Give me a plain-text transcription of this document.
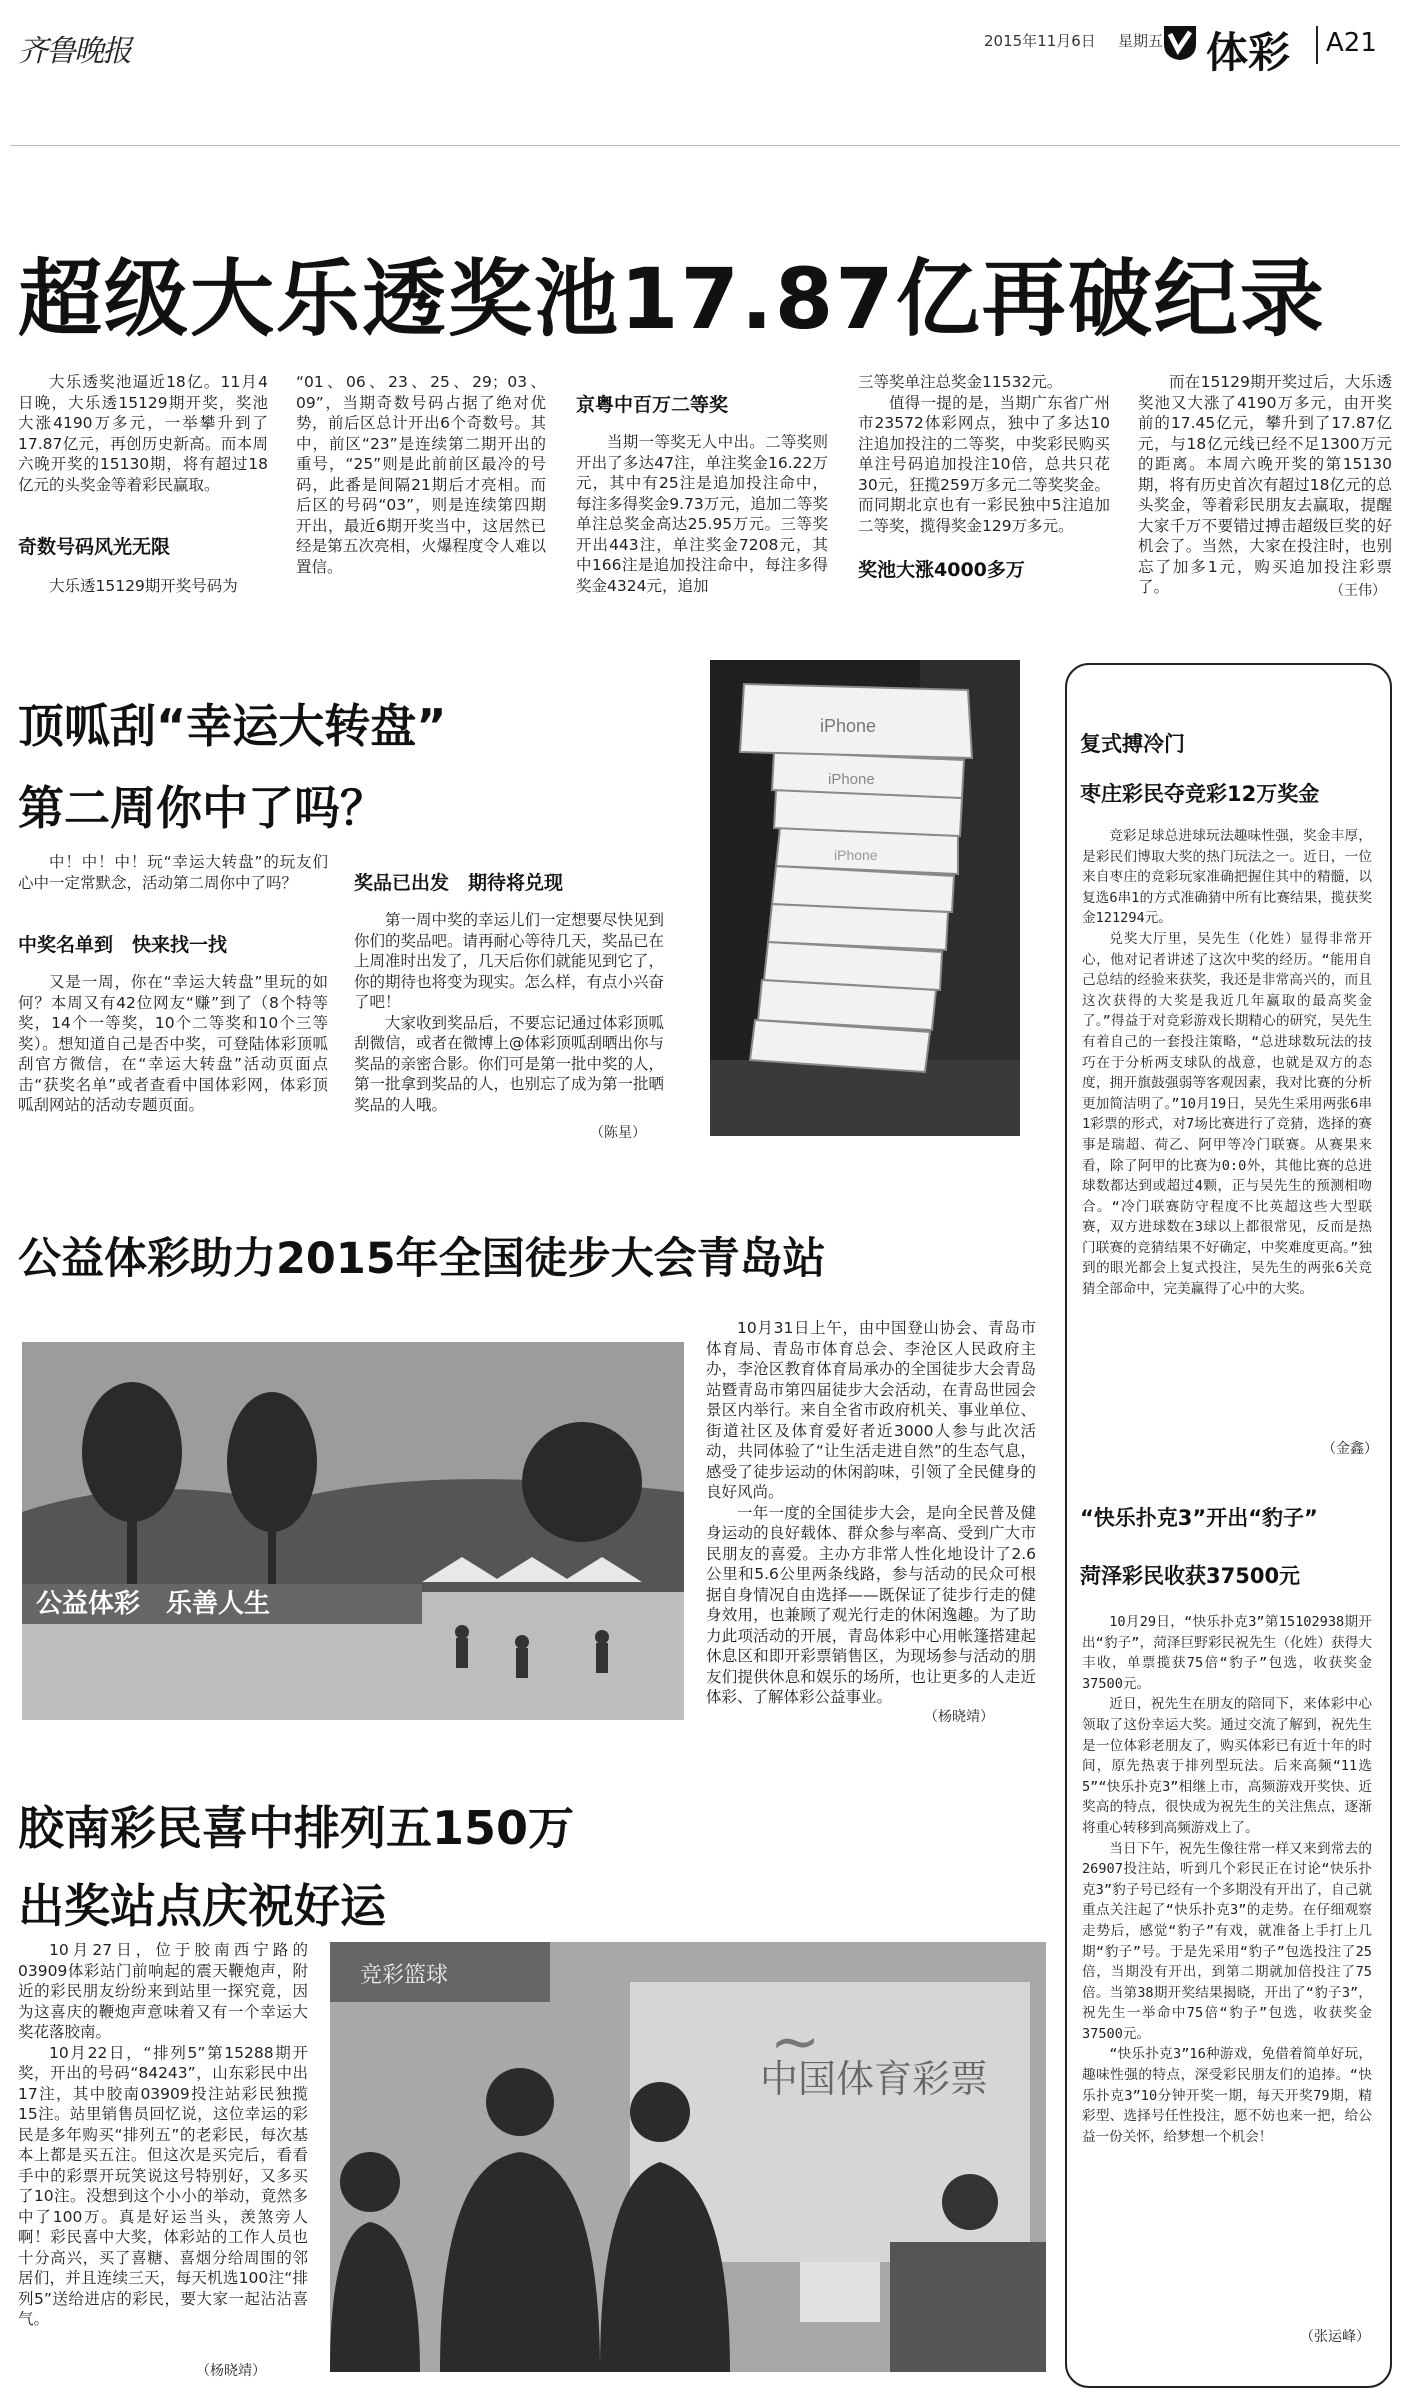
齐鲁晚报	2015年11月6日 星期五 体彩 A21
超级大乐透奖池17.87亿再破纪录

大乐透奖池逼近18亿。11月4日晚，大乐透15129期开奖，奖池大涨4190万多元，一举攀升到了17.87亿元，再创历史新高。而本周六晚开奖的15130期，将有超过18亿元的头奖金等着彩民赢取。

奇数号码风光无限

大乐透15129期开奖号码为

“01、06、23、25、29；03、09”，当期奇数号码占据了绝对优势，前后区总计开出6个奇数号。其中，前区“23”是连续第二期开出的重号，“25”则是此前前区最冷的号码，此番是间隔21期后才亮相。而后区的号码“03”，则是连续第四期开出，最近6期开奖当中，这居然已经是第五次亮相，火爆程度令人难以置信。

京粤中百万二等奖

当期一等奖无人中出。二等奖则开出了多达47注，单注奖金16.22万元，其中有25注是追加投注命中，每注多得奖金9.73万元，追加二等奖单注总奖金高达25.95万元。三等奖开出443注，单注奖金7208元，其中166注是追加投注命中，每注多得奖金4324元，追加

三等奖单注总奖金11532元。

值得一提的是，当期广东省广州市23572体彩网点，独中了多达10注追加投注的二等奖，中奖彩民购买单注号码追加投注10倍，总共只花30元，狂揽259万多元二等奖奖金。而同期北京也有一彩民独中5注追加二等奖，揽得奖金129万多元。

奖池大涨4000多万

而在15129期开奖过后，大乐透奖池又大涨了4190万多元，由开奖前的17.45亿元，攀升到了17.87亿元，与18亿元线已经不足1300万元的距离。本周六晚开奖的第15130期，将有历史首次有超过18亿元的总头奖金，等着彩民朋友去赢取，提醒大家千万不要错过搏击超级巨奖的好机会了。当然，大家在投注时，也别忘了加多1元，购买追加投注彩票了。	（王伟）
顶呱刮“幸运大转盘”
第二周你中了吗？

中！中！中！玩“幸运大转盘”的玩友们心中一定常默念，活动第二周你中了吗？

中奖名单到　快来找一找

又是一周，你在“幸运大转盘”里玩的如何？本周又有42位网友“赚”到了（8个特等奖，14个一等奖，10个二等奖和10个三等奖）。想知道自己是否中奖，可登陆体彩顶呱刮官方微信，在“幸运大转盘”活动页面点击“获奖名单”或者查看中国体彩网，体彩顶呱刮网站的活动专题页面。

奖品已出发　期待将兑现

第一周中奖的幸运儿们一定想要尽快见到你们的奖品吧。请再耐心等待几天，奖品已在上周准时出发了，几天后你们就能见到它了，你的期待也将变为现实。怎么样，有点小兴奋了吧！

大家收到奖品后，不要忘记通过体彩顶呱刮微信，或者在微博上@体彩顶呱刮晒出你与奖品的亲密合影。你们可是第一批中奖的人，第一批拿到奖品的人，也别忘了成为第一批晒奖品的人哦。

（陈星）
iPhone
iPhone
iPhone
公益体彩助力2015年全国徒步大会青岛站
公益体彩　乐善人生

10月31日上午，由中国登山协会、青岛市体育局、青岛市体育总会、李沧区人民政府主办，李沧区教育体育局承办的全国徒步大会青岛站暨青岛市第四届徒步大会活动，在青岛世园会景区内举行。来自全省市政府机关、事业单位、街道社区及体育爱好者近3000人参与此次活动，共同体验了“让生活走进自然”的生态气息，感受了徒步运动的休闲韵味，引领了全民健身的良好风尚。

一年一度的全国徒步大会，是向全民普及健身运动的良好载体、群众参与率高、受到广大市民朋友的喜爱。主办方非常人性化地设计了2.6公里和5.6公里两条线路，参与活动的民众可根据自身情况自由选择——既保证了徒步行走的健身效用，也兼顾了观光行走的休闲逸趣。为了助力此项活动的开展，青岛体彩中心用帐篷搭建起休息区和即开彩票销售区，为现场参与活动的朋友们提供休息和娱乐的场所，也让更多的人走近体彩、了解体彩公益事业。

（杨晓靖）
胶南彩民喜中排列五150万
出奖站点庆祝好运

10月27日，位于胶南西宁路的03909体彩站门前响起的震天鞭炮声，附近的彩民朋友纷纷来到站里一探究竟，因为这喜庆的鞭炮声意味着又有一个幸运大奖花落胶南。

10月22日，“排列5”第15288期开奖，开出的号码“84243”，山东彩民中出17注，其中胶南03909投注站彩民独揽15注。站里销售员回忆说，这位幸运的彩民是多年购买“排列五”的老彩民，每次基本上都是买五注。但这次是买完后，看看手中的彩票开玩笑说这号特别好，又多买了10注。没想到这个小小的举动，竟然多中了100万。真是好运当头，羡煞旁人啊！彩民喜中大奖，体彩站的工作人员也十分高兴，买了喜糖、喜烟分给周围的邻居们，并且连续三天，每天机选100注“排列5”送给进店的彩民，要大家一起沾沾喜气。

（杨晓靖）
竞彩篮球
~
中国体育彩票
复式搏冷门
枣庄彩民夺竞彩12万奖金

竞彩足球总进球玩法趣味性强，奖金丰厚，是彩民们博取大奖的热门玩法之一。近日，一位来自枣庄的竞彩玩家准确把握住其中的精髓，以复选6串1的方式准确猜中所有比赛结果，揽获奖金121294元。

兑奖大厅里，吴先生（化姓）显得非常开心，他对记者讲述了这次中奖的经历。“能用自己总结的经验来获奖，我还是非常高兴的，而且这次获得的大奖是我近几年赢取的最高奖金了。”得益于对竞彩游戏长期精心的研究，吴先生有着自己的一套投注策略，“总进球数玩法的技巧在于分析两支球队的战意，也就是双方的态度，拥开旗鼓强弱等客观因素，我对比赛的分析更加简洁明了。”10月19日，吴先生采用两张6串1彩票的形式，对7场比赛进行了竞猜，选择的赛事是瑞超、荷乙、阿甲等冷门联赛。从赛果来看，除了阿甲的比赛为0:0外，其他比赛的总进球数都达到或超过4颗，正与吴先生的预测相吻合。“冷门联赛防守程度不比英超这些大型联赛，双方进球数在3球以上都很常见，反而是热门联赛的竞猜结果不好确定，中奖难度更高。”独到的眼光都会上复式投注，吴先生的两张6关竞猜全部命中，完美赢得了心中的大奖。

（金鑫）
“快乐扑克3”开出“豹子”
菏泽彩民收获37500元

10月29日，“快乐扑克3”第15102938期开出“豹子”，菏泽巨野彩民祝先生（化姓）获得大丰收，单票揽获75倍“豹子”包选，收获奖金37500元。

近日，祝先生在朋友的陪同下，来体彩中心领取了这份幸运大奖。通过交流了解到，祝先生是一位体彩老朋友了，购买体彩已有近十年的时间，原先热衷于排列型玩法。后来高频“11选5”“快乐扑克3”相继上市，高频游戏开奖快、近奖高的特点，很快成为祝先生的关注焦点，逐渐将重心转移到高频游戏上了。

当日下午，祝先生像往常一样又来到常去的26907投注站，听到几个彩民正在讨论“快乐扑克3”豹子号已经有一个多期没有开出了，自己就重点关注起了“快乐扑克3”的走势。在仔细观察走势后，感觉“豹子”有戏，就准备上手打上几期“豹子”号。于是先采用“豹子”包选投注了25倍，当期没有开出，到第二期就加倍投注了75倍。当第38期开奖结果揭晓，开出了“豹子3”，祝先生一举命中75倍“豹子”包选，收获奖金37500元。

“快乐扑克3”16种游戏，免借着简单好玩，趣味性强的特点，深受彩民朋友们的追捧。“快乐扑克3”10分钟开奖一期，每天开奖79期，精彩型、选择号任性投注，愿不妨也来一把，给公益一份关怀，给梦想一个机会！

（张运峰）
